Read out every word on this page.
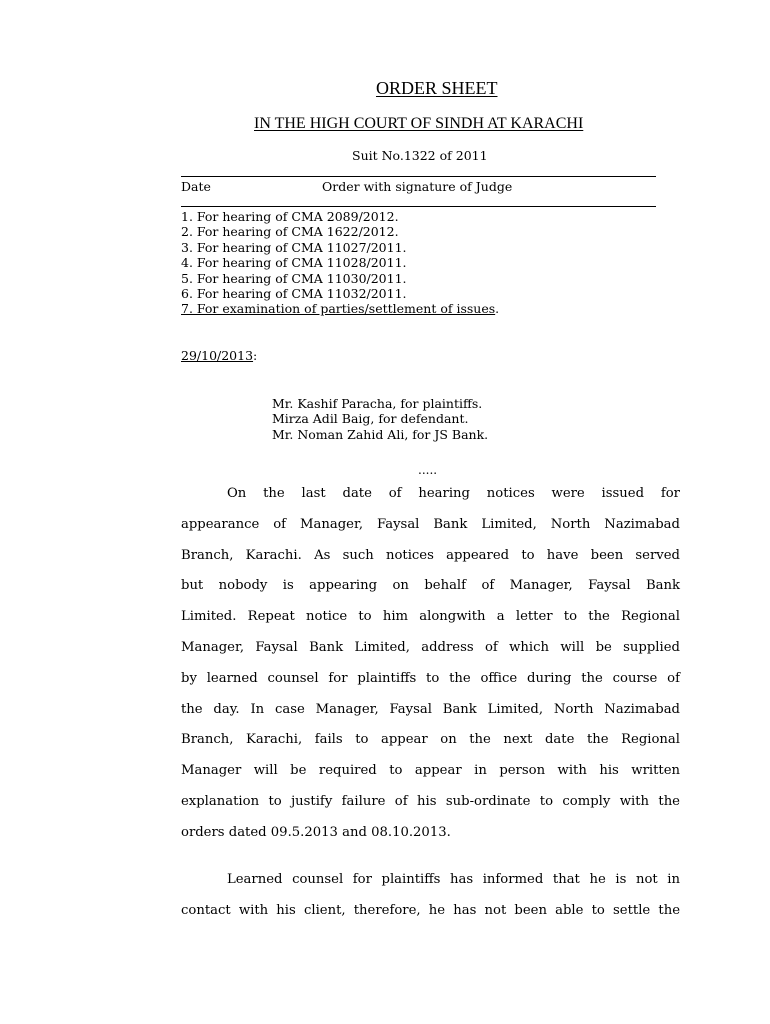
ORDER SHEET
IN THE HIGH COURT OF SINDH AT KARACHI
Suit No.1322 of 2011
Date	Order with signature of Judge
1. For hearing of CMA 2089/2012.
2. For hearing of CMA 1622/2012.
3. For hearing of CMA 11027/2011.
4. For hearing of CMA 11028/2011.
5. For hearing of CMA 11030/2011.
6. For hearing of CMA 11032/2011.
7. For examination of parties/settlement of issues.
29/10/2013:
Mr. Kashif Paracha, for plaintiffs.
Mirza Adil Baig, for defendant.
Mr. Noman Zahid Ali, for JS Bank.
.....
On the last date of hearing notices were issued for
appearance of Manager, Faysal Bank Limited, North Nazimabad
Branch, Karachi. As such notices appeared to have been served
but nobody is appearing on behalf of Manager, Faysal Bank
Limited. Repeat notice to him alongwith a letter to the Regional
Manager, Faysal Bank Limited, address of which will be supplied
by learned counsel for plaintiffs to the office during the course of
the day. In case Manager, Faysal Bank Limited, North Nazimabad
Branch, Karachi, fails to appear on the next date the Regional
Manager will be required to appear in person with his written
explanation to justify failure of his sub-ordinate to comply with the
orders dated 09.5.2013 and 08.10.2013.
Learned counsel for plaintiffs has informed that he is not in
contact with his client, therefore, he has not been able to settle the
